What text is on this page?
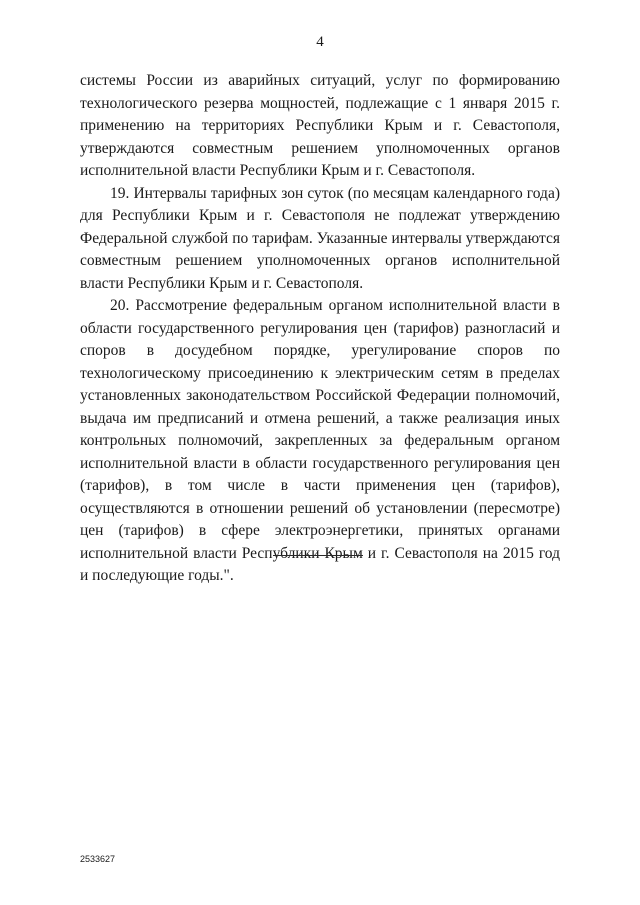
4

системы России из аварийных ситуаций, услуг по формированию технологического резерва мощностей, подлежащие с 1 января 2015 г. применению на территориях Республики Крым и г. Севастополя, утверждаются совместным решением уполномоченных органов исполнительной власти Республики Крым и г. Севастополя.

19. Интервалы тарифных зон суток (по месяцам календарного года) для Республики Крым и г. Севастополя не подлежат утверждению Федеральной службой по тарифам. Указанные интервалы утверждаются совместным решением уполномоченных органов исполнительной власти Республики Крым и г. Севастополя.

20. Рассмотрение федеральным органом исполнительной власти в области государственного регулирования цен (тарифов) разногласий и споров в досудебном порядке, урегулирование споров по технологическому присоединению к электрическим сетям в пределах установленных законодательством Российской Федерации полномочий, выдача им предписаний и отмена решений, а также реализация иных контрольных полномочий, закрепленных за федеральным органом исполнительной власти в области государственного регулирования цен (тарифов), в том числе в части применения цен (тарифов), осуществляются в отношении решений об установлении (пересмотре) цен (тарифов) в сфере электроэнергетики, принятых органами исполнительной власти Республики Крым и г. Севастополя на 2015 год и последующие годы.".

2533627
